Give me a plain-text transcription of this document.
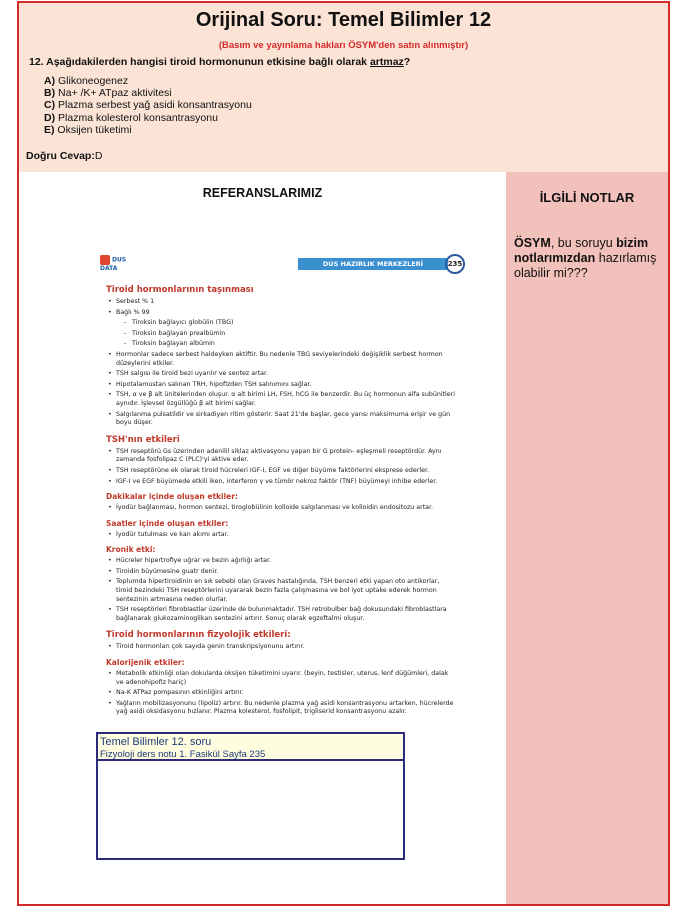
Orijinal Soru: Temel Bilimler 12
(Basım ve yayınlama hakları ÖSYM'den satın alınmıştır)
12. Aşağıdakilerden hangisi tiroid hormonunun etkisine bağlı olarak artmaz?
A) Glikoneogenez
B) Na+ /K+ ATpaz aktivitesi
C) Plazma serbest yağ asidi konsantrasyonu
D) Plazma kolesterol konsantrasyonu
E) Oksijen tüketimi
Doğru Cevap:D
REFERANSLARIMIZ	İLGİLİ NOTLAR
ÖSYM, bu soruyu bizim notlarımızdan hazırlamış olabilir mi???
DUS DATA
DUS HAZIRLIK MERKEZLERİ	235
Tiroid hormonlarının taşınması
• Serbest % 1
• Bağlı % 99
- Tiroksin bağlayıcı globülin (TBG)
- Tiroksin bağlayan prealbümin
- Tiroksin bağlayan albümin
• Hormonlar sadece serbest haldeyken aktiftir. Bu nedenle TBG seviyelerindeki değişiklik serbest hormon düzeylerini etkiler.
• TSH salgısı ile tiroid bezi uyarılır ve sentez artar.
• Hipotalamustan salınan TRH, hipofizden TSH salınımını sağlar.
• TSH, α ve β alt ünitelerinden oluşur. α alt birimi LH, FSH, hCG ile benzerdir. Bu üç hormonun alfa subünitleri aynıdır. İşlevsel özgüllüğü β alt birimi sağlar.
• Salgılanma pulsatildir ve sirkadiyen ritim gösterir. Saat 21'de başlar, gece yarısı maksimuma erişir ve gün boyu düşer.
TSH'nın etkileri
• TSH reseptörü Gs üzerinden adenilil siklaz aktivasyonu yapan bir G protein- eşleşmeli reseptördür. Aynı zamanda fosfolipaz C (PLC)'yi aktive eder.
• TSH reseptörüne ek olarak tiroid hücreleri IGF-I, EGF ve diğer büyüme faktörlerini eksprese ederler.
• IGF-I ve EGF büyümede etkili iken, interferon γ ve tümör nekroz faktör (TNF) büyümeyi inhibe ederler.
Dakikalar içinde oluşan etkiler:
• İyodür bağlanması, hormon sentezi, tiroglobülinin kolloide salgılanması ve kolloidin endositozu artar.
Saatler içinde oluşan etkiler:
• İyodür tutulması ve kan akımı artar.
Kronik etki:
• Hücreler hipertrofiye uğrar ve bezin ağırlığı artar.
• Tiroidin büyümesine guatr denir.
• Toplumda hipertiroidinin en sık sebebi olan Graves hastalığında, TSH benzeri etki yapan oto antikorlar, tiroid bezindeki TSH reseptörlerini uyararak bezin fazla çalışmasına ve bol iyot uptake ederek hormon sentezinin artmasına neden olurlar.
• TSH reseptörleri fibroblastlar üzerinde de bulunmaktadır. TSH retrobulber bağ dokusundaki fibroblastlara bağlanarak glukozaminoglikan sentezini artırır. Sonuç olarak egzoftalmi oluşur.
Tiroid hormonlarının fizyolojik etkileri:
• Tiroid hormonları çok sayıda genin transkripsiyonunu artırır.
Kalorijenik etkiler:
• Metabolik etkinliği olan dokularda oksijen tüketimini uyarır. (beyin, testisler, uterus, lenf düğümleri, dalak ve adenohipofiz hariç)
• Na-K ATPaz pompasının etkinliğini artırır.
• Yağların mobilizasyonunu (lipoliz) artırır. Bu nedenle plazma yağ asidi konsantrasyonu artarken, hücrelerde yağ asidi oksidasyonu hızlanır. Plazma kolesterol, fosfolipit, trigliserid konsantrasyonu azalır.
Temel Bilimler 12. soru
Fizyoloji ders notu 1. Fasikül Sayfa 235
